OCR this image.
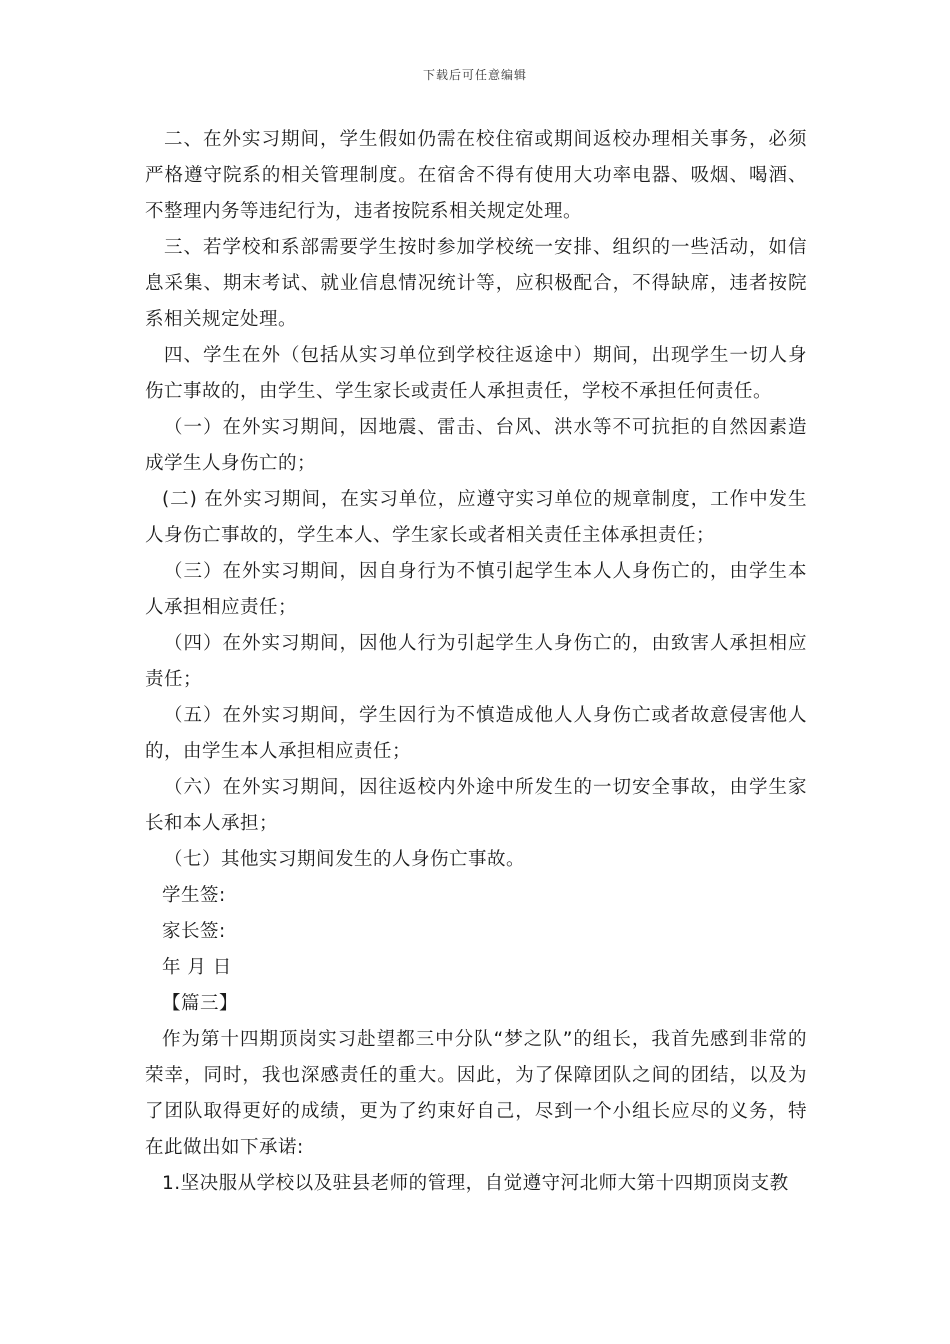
下载后可任意编辑

二、在外实习期间，学生假如仍需在校住宿或期间返校办理相关事务，必须严格遵守院系的相关管理制度。在宿舍不得有使用大功率电器、吸烟、喝酒、不整理内务等违纪行为，违者按院系相关规定处理。

三、若学校和系部需要学生按时参加学校统一安排、组织的一些活动，如信息采集、期末考试、就业信息情况统计等，应积极配合，不得缺席，违者按院系相关规定处理。

四、学生在外（包括从实习单位到学校往返途中）期间，出现学生一切人身伤亡事故的，由学生、学生家长或责任人承担责任，学校不承担任何责任。

（一）在外实习期间，因地震、雷击、台风、洪水等不可抗拒的自然因素造成学生人身伤亡的；

(二) 在外实习期间，在实习单位，应遵守实习单位的规章制度，工作中发生人身伤亡事故的，学生本人、学生家长或者相关责任主体承担责任；

（三）在外实习期间，因自身行为不慎引起学生本人人身伤亡的，由学生本人承担相应责任；

（四）在外实习期间，因他人行为引起学生人身伤亡的，由致害人承担相应责任；

（五）在外实习期间，学生因行为不慎造成他人人身伤亡或者故意侵害他人的，由学生本人承担相应责任；

（六）在外实习期间，因往返校内外途中所发生的一切安全事故，由学生家长和本人承担；

（七）其他实习期间发生的人身伤亡事故。

学生签:

家长签:

年 月 日

【篇三】

作为第十四期顶岗实习赴望都三中分队“梦之队”的组长，我首先感到非常的荣幸，同时，我也深感责任的重大。因此，为了保障团队之间的团结，以及为了团队取得更好的成绩，更为了约束好自己，尽到一个小组长应尽的义务，特在此做出如下承诺:

1.坚决服从学校以及驻县老师的管理，自觉遵守河北师大第十四期顶岗支教
